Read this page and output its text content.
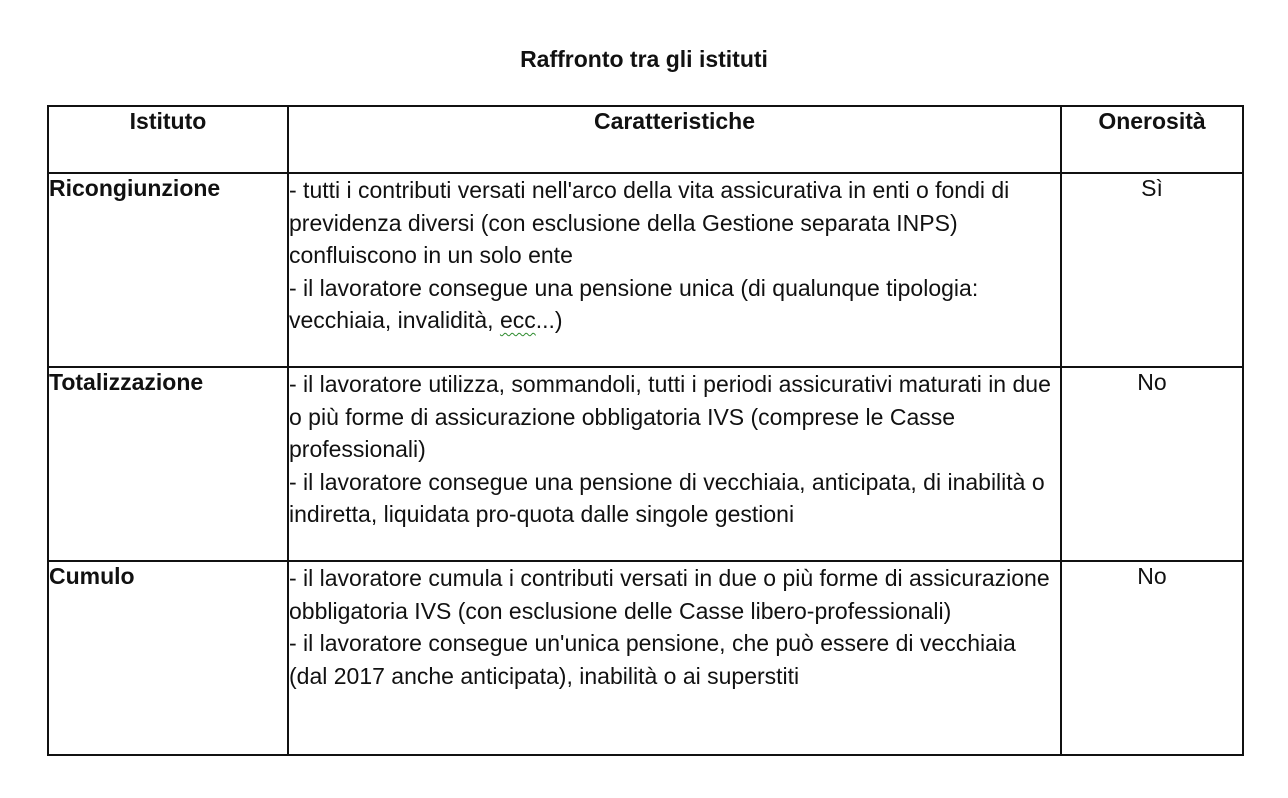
Raffronto tra gli istituti
Istituto	Caratteristiche	Onerosità
Ricongiunzione	- tutti i contributi versati nell'arco della vita assicurativa in enti o fondi di previdenza diversi (con esclusione della Gestione separata INPS) confluiscono in un solo ente
- il lavoratore consegue una pensione unica (di qualunque tipologia: vecchiaia, invalidità, ecc...)	Sì
Totalizzazione	- il lavoratore utilizza, sommandoli, tutti i periodi assicurativi maturati in due o più forme di assicurazione obbligatoria IVS (comprese le Casse professionali)
- il lavoratore consegue una pensione di vecchiaia, anticipata, di inabilità o indiretta, liquidata pro-quota dalle singole gestioni	No
Cumulo	- il lavoratore cumula i contributi versati in due o più forme di assicurazione obbligatoria IVS (con esclusione delle Casse libero-professionali)
- il lavoratore consegue un'unica pensione, che può essere di vecchiaia (dal 2017 anche anticipata), inabilità o ai superstiti	No
